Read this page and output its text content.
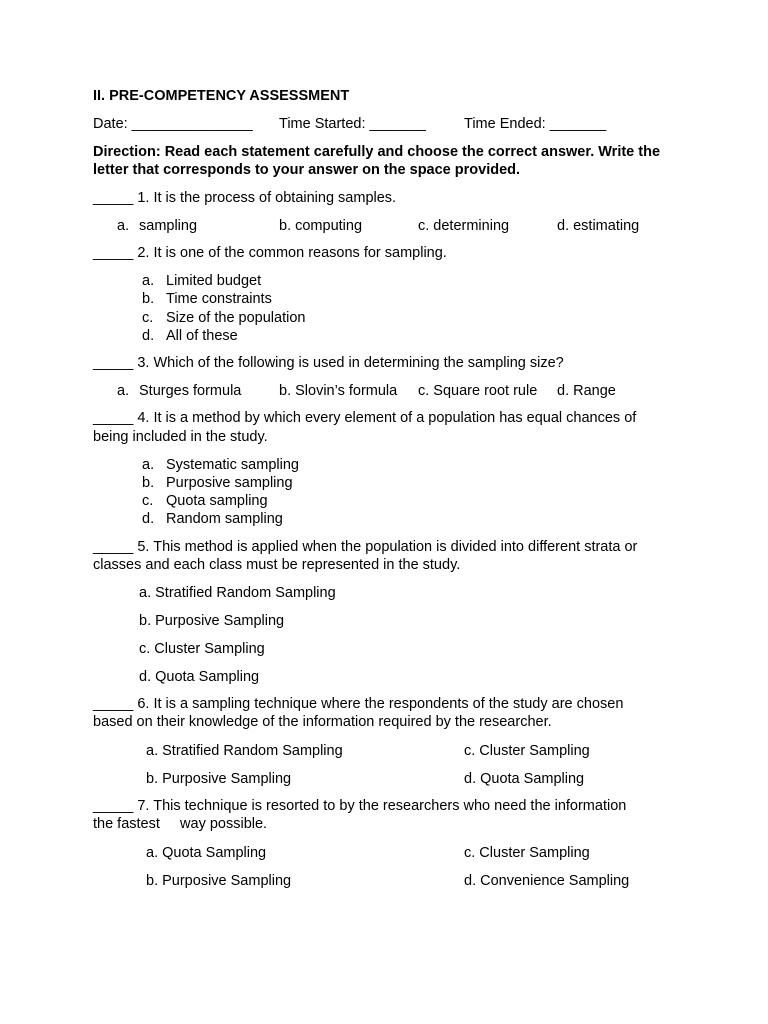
II. PRE-COMPETENCY ASSESSMENT
Date: _______________ Time Started: _______	Time Ended: _______
Direction: Read each statement carefully and choose the correct answer. Write the letter that corresponds to your answer on the space provided.
_____ 1. It is the process of obtaining samples.
a. sampling	b. computing	c. determining	d. estimating
_____ 2. It is one of the common reasons for sampling.
a. Limited budget
b. Time constraints
c. Size of the population
d. All of these
_____ 3. Which of the following is used in determining the sampling size?
a. Sturges formula	b. Slovin’s formula c. Square root rule d. Range
_____ 4. It is a method by which every element of a population has equal chances of
being included in the study.
a. Systematic sampling
b. Purposive sampling
c. Quota sampling
d. Random sampling
_____ 5. This method is applied when the population is divided into different strata or
classes and each class must be represented in the study.
a. Stratified Random Sampling
b. Purposive Sampling
c. Cluster Sampling
d. Quota Sampling
_____ 6. It is a sampling technique where the respondents of the study are chosen
based on their knowledge of the information required by the researcher.
a. Stratified Random Sampling	c. Cluster Sampling
b. Purposive Sampling	d. Quota Sampling
_____ 7. This technique is resorted to by the researchers who need the information
the fastest     way possible.
a. Quota Sampling	c. Cluster Sampling
b. Purposive Sampling	d. Convenience Sampling
